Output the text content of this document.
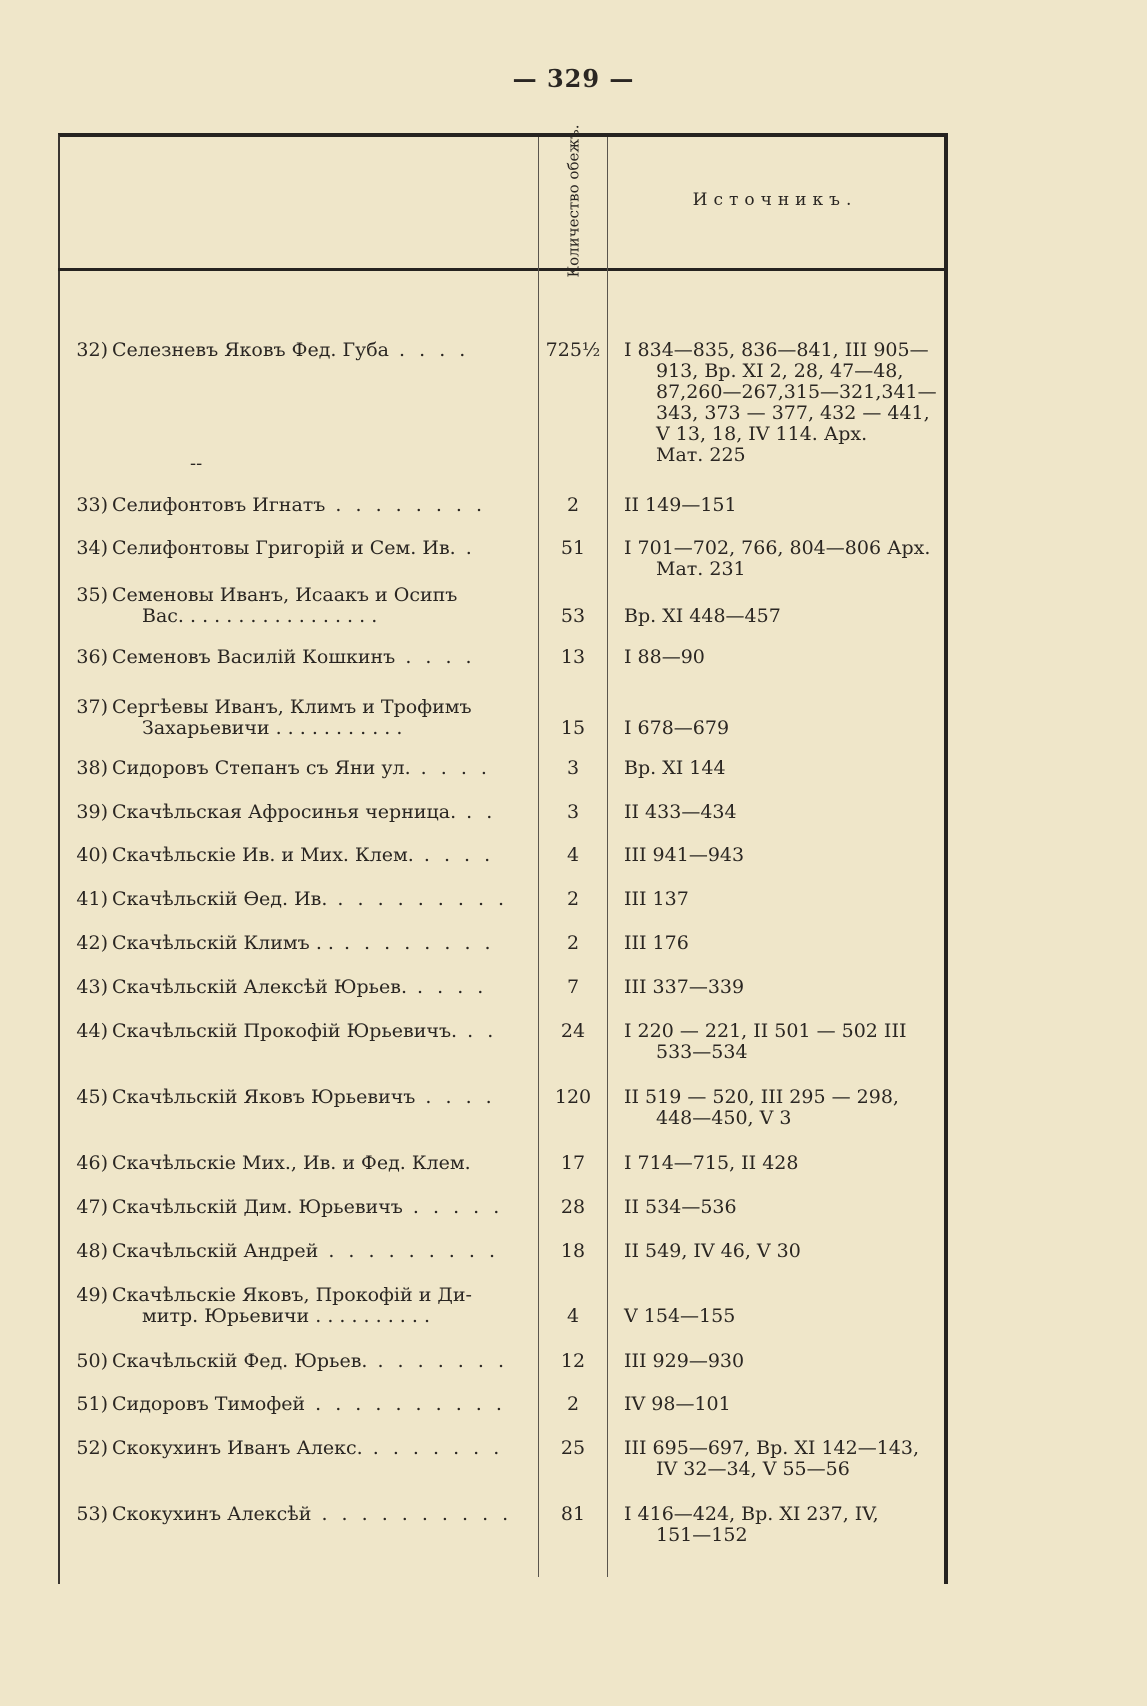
— 329 —
Количество обежъ.	Источникъ.
--
32) Селезневъ Яковъ Фед. Губа . . . .	725½ I 834—835, 836—841, III 905—
913, Вр. XI 2, 28, 47—48,
87,260—267,315—321,341—
343, 373 — 377, 432 — 441,
V 13, 18, IV 114. Арх.
Мат. 225
33) Селифонтовъ Игнатъ . . . . . . . .	2	II 149—151
34) Селифонтовы Григорій и Сем. Ив. .	51	I 701—702, 766, 804—806 Арх.
Мат. 231
35) Семеновы Иванъ, Исаакъ и Осипъ
Вас. . . . . . . . . . . . . . . . .	53	Вр. XI 448—457
36) Семеновъ Василій Кошкинъ . . . .	13	I 88—90
37) Сергѣевы Иванъ, Климъ и Трофимъ
Захарьевичи . . . . . . . . . . .	15	I 678—679
38) Сидоровъ Степанъ съ Яни ул. . . . .	3	Вр. XI 144
39) Скачѣльская Афросинья черница. . .	3	II 433—434
40) Скачѣльскіе Ив. и Мих. Клем. . . . .	4	III 941—943
41) Скачѣльскій Ѳед. Ив. . . . . . . . . .	2	III 137
42) Скачѣльскій Климъ . . . . . . . . . .	2	III 176
43) Скачѣльскій Алексѣй Юрьев. . . . .	7	III 337—339
44) Скачѣльскій Прокофій Юрьевичъ. . .	24	I 220 — 221, II 501 — 502 III
533—534
45) Скачѣльскій Яковъ Юрьевичъ . . . .	120	II 519 — 520, III 295 — 298,
448—450, V 3
46) Скачѣльскіе Мих., Ив. и Фед. Клем.	17	I 714—715, II 428
47) Скачѣльскій Дим. Юрьевичъ . . . . .	28	II 534—536
48) Скачѣльскій Андрей . . . . . . . . .	18	II 549, IV 46, V 30
49) Скачѣльскіе Яковъ, Прокофій и Ди-
митр. Юрьевичи . . . . . . . . . .	4	V 154—155
50) Скачѣльскій Фед. Юрьев. . . . . . . .	12	III 929—930
51) Сидоровъ Тимофей . . . . . . . . . .	2	IV 98—101
52) Скокухинъ Иванъ Алекс. . . . . . . .	25	III 695—697, Вр. XI 142—143,
IV 32—34, V 55—56
53) Скокухинъ Алексѣй . . . . . . . . . .	81	I 416—424, Вр. XI 237, IV,
151—152
